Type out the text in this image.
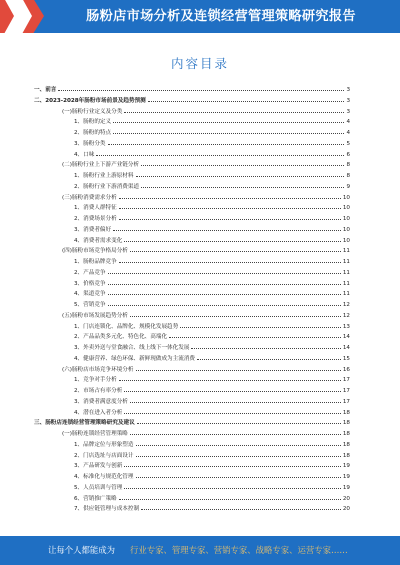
肠粉店市场分析及连锁经营管理策略研究报告
内容目录
一、前言	3
二、2023-2028年肠粉市场前景及趋势预测	3
(一)肠粉行业定义及分类	3
1、肠粉的定义	4
2、肠粉的特点	4
3、肠粉分类	5
4、口味	6
(二)肠粉行业上下游产业链分析	8
1、肠粉行业上游原材料	8
2、肠粉行业下游消费渠道	9
(三)肠粉消费需求分析	10
1、消费人群特征	10
2、消费场景分析	10
3、消费者偏好	10
4、消费者需求变化	10
(四)肠粉市场竞争格局分析	11
1、肠粉品牌竞争	11
2、产品竞争	11
3、价格竞争	11
4、渠道竞争	11
5、营销竞争	12
(五)肠粉市场发展趋势分析	12
1、门店连锁化、品牌化、规模化发展趋势	13
2、产品品类多元化、特色化、高端化	14
3、外卖外送与堂食融合、线上线下一体化发展	14
4、健康营养、绿色环保、新鲜现做成为主流消费	15
(六)肠粉店市场竞争环境分析	16
1、竞争对手分析	17
2、市场占有率分析	17
3、消费者满意度分析	17
4、潜在进入者分析	18
三、肠粉店连锁经营管理策略研究及建议	18
(一)肠粉连锁经营管理策略	18
1、品牌定位与形象塑造	18
2、门店选址与店面设计	18
3、产品研发与创新	19
4、标准化与规范化管理	19
5、人员培训与管理	19
6、营销推广策略	20
7、供应链管理与成本控制	20
让每个人都能成为 行业专家、管理专家、营销专家、战略专家、运营专家……
